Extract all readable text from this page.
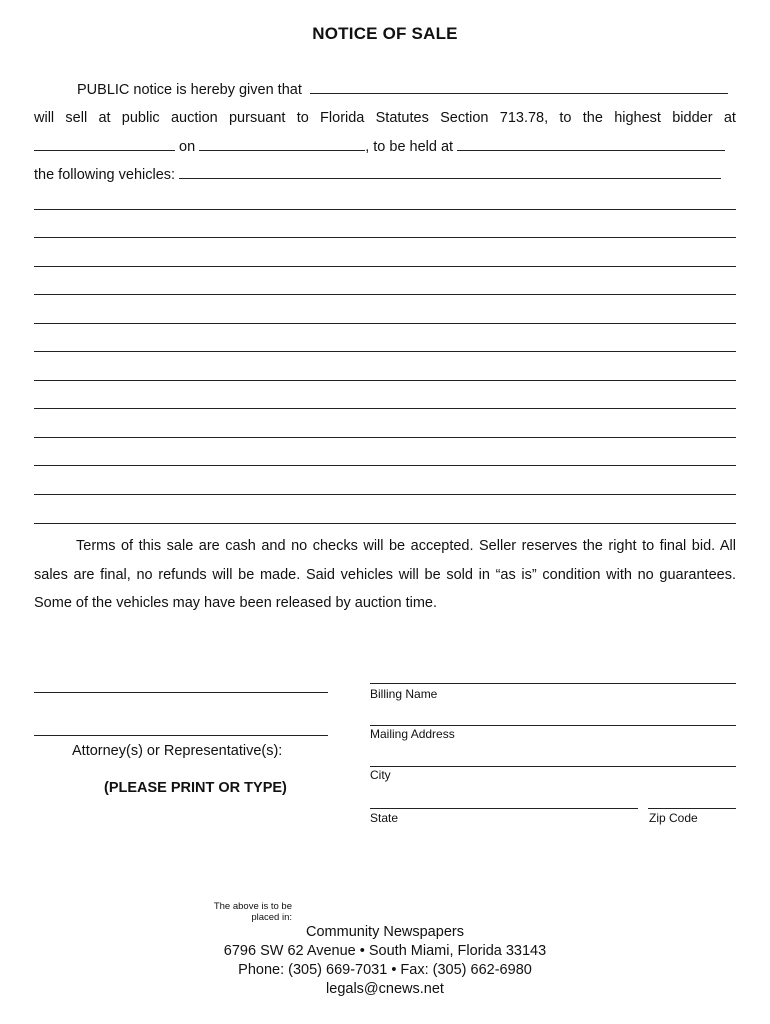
NOTICE OF SALE
PUBLIC notice is hereby given that
will sell at public auction pursuant to Florida Statutes Section 713.78, to the highest bidder at
on	, to be held at
the following vehicles:
Terms of this sale are cash and no checks will be accepted. Seller reserves the right to final bid. All sales are final, no refunds will be made. Said vehicles will be sold in “as is” condition with no guarantees. Some of the vehicles may have been released by auction time.
Attorney(s) or Representative(s):
(PLEASE PRINT OR TYPE)
Billing Name
Mailing Address
City
State	Zip Code
The above is to be
placed in:
Community Newspapers
6796 SW 62 Avenue • South Miami, Florida 33143
Phone: (305) 669-7031 • Fax: (305) 662-6980
legals@cnews.net
